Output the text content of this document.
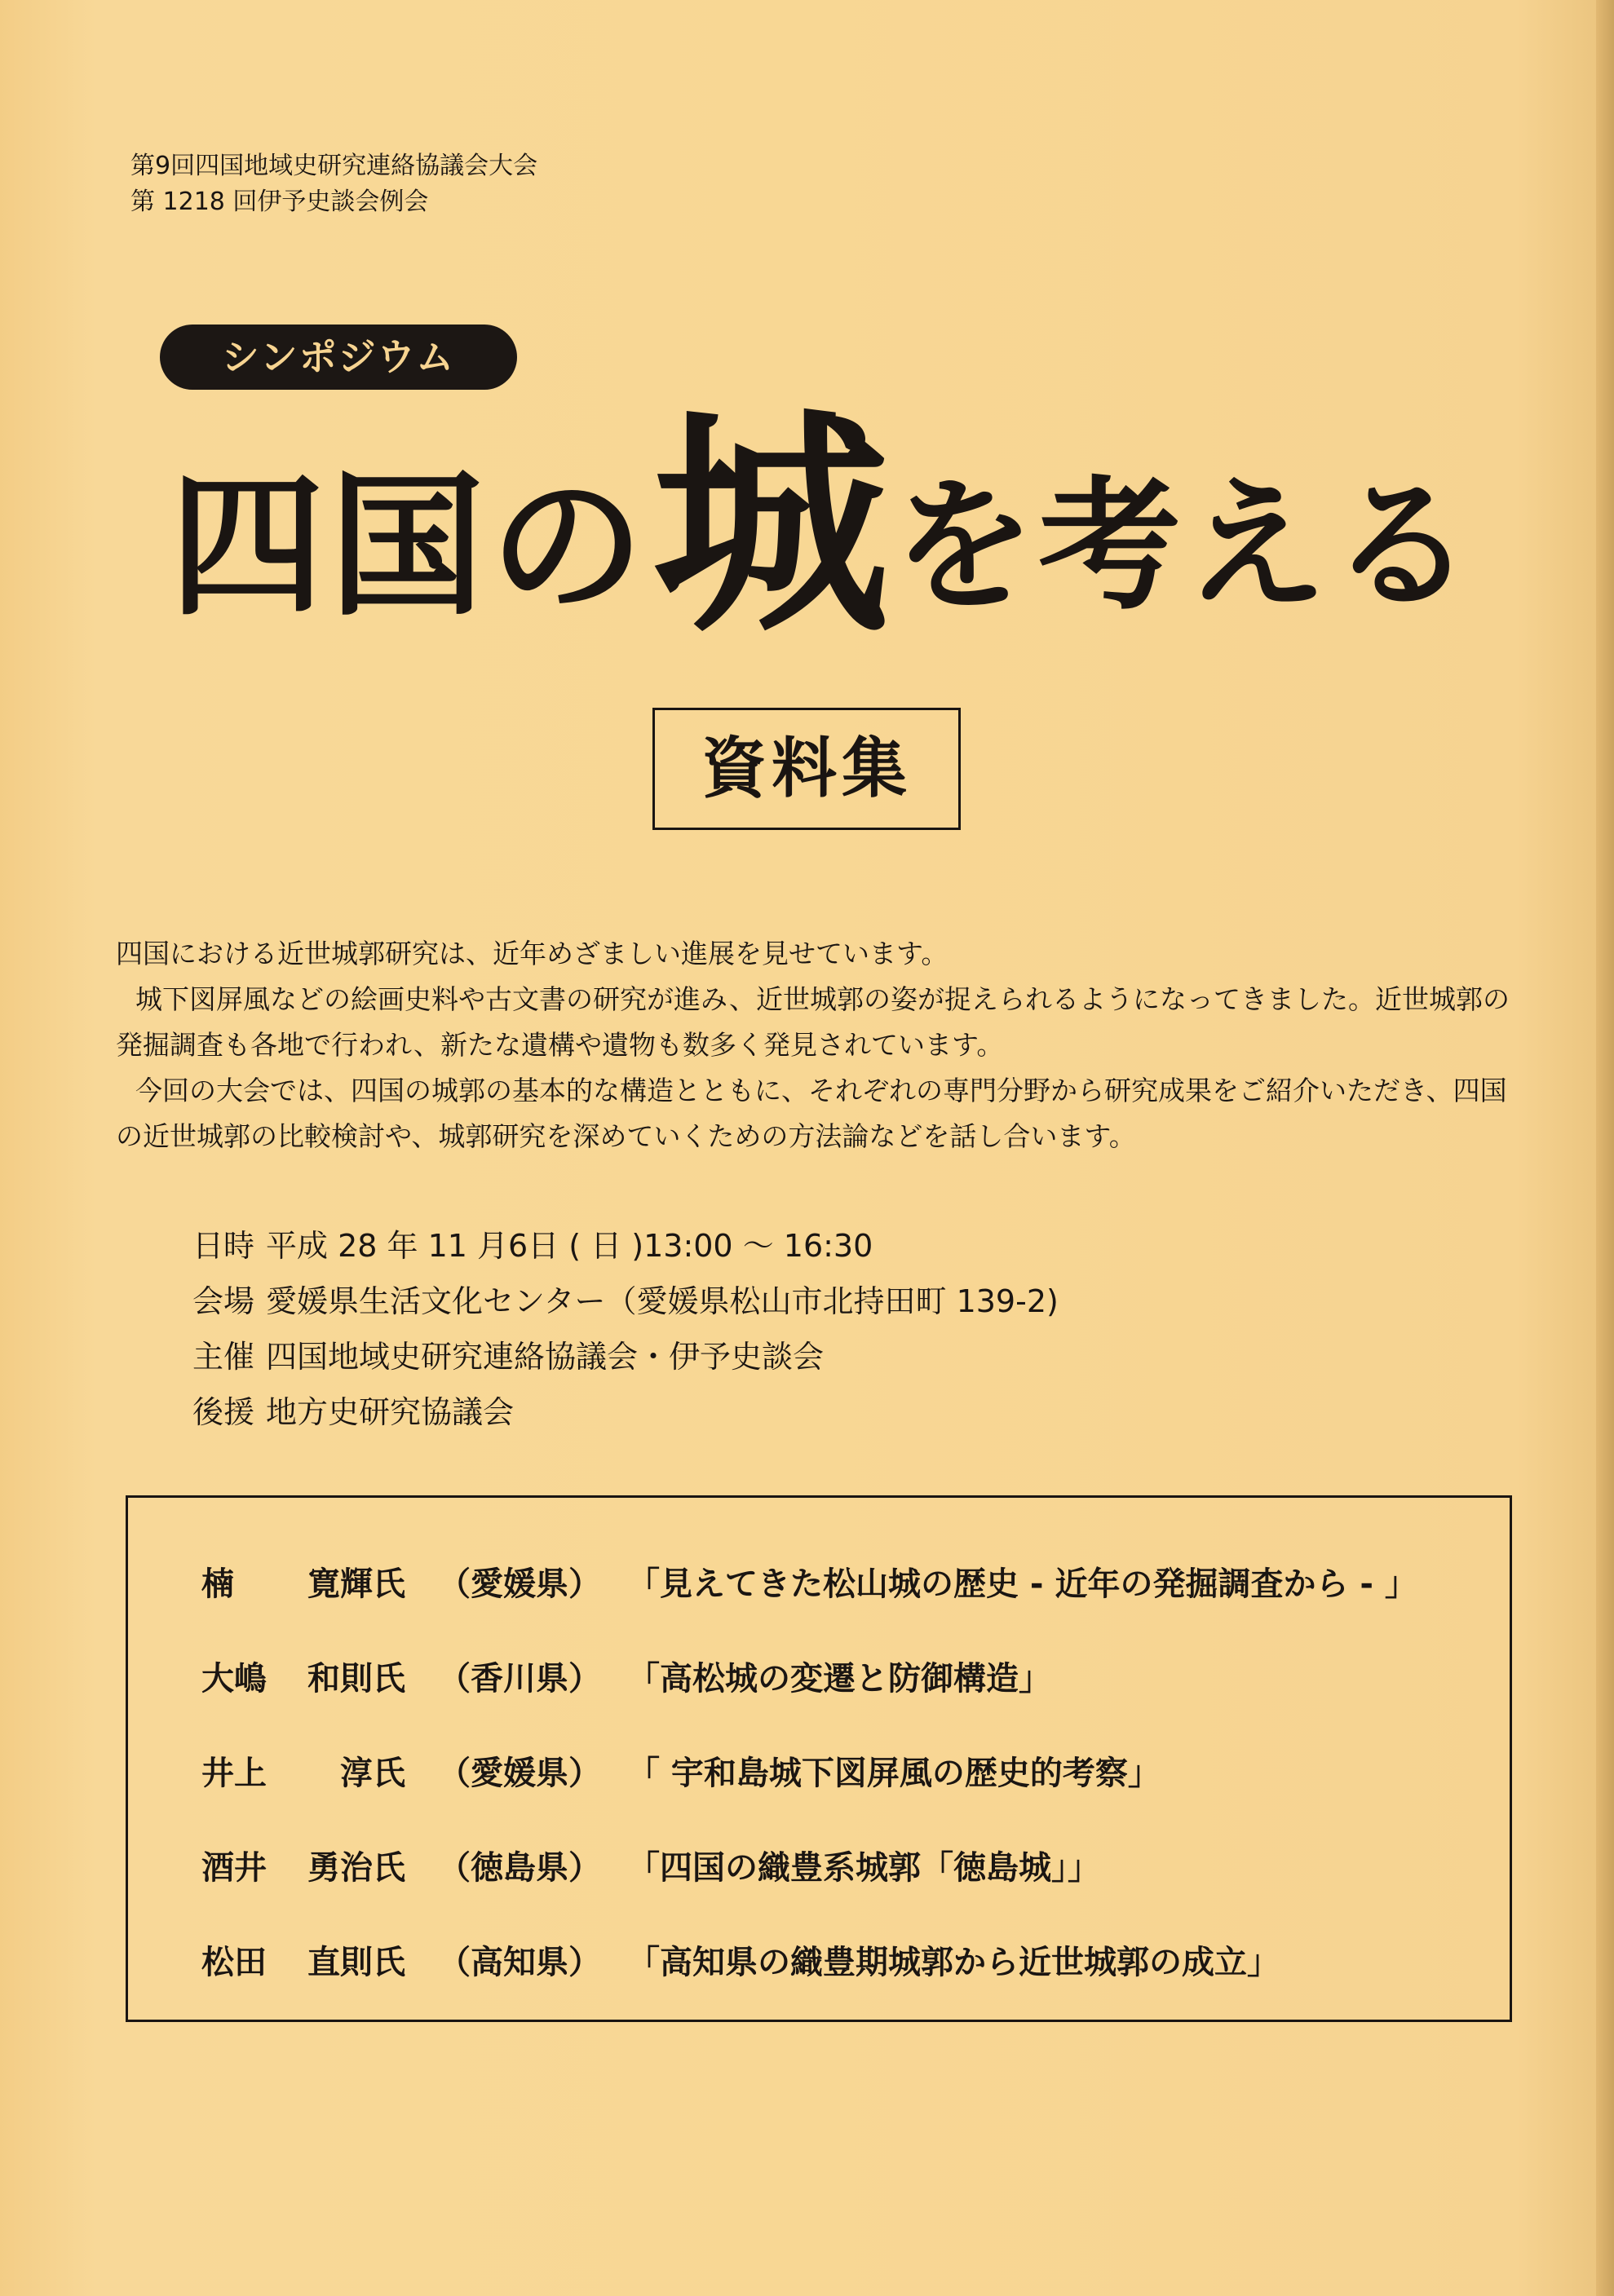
第9回四国地域史研究連絡協議会大会
第 1218 回伊予史談会例会
シンポジウム
四国の 城 を考える
資料集

四国における近世城郭研究は、近年めざましい進展を見せています。

城下図屏風などの絵画史料や古文書の研究が進み、近世城郭の姿が捉えられるようになってきました。近世城郭の発掘調査も各地で行われ、新たな遺構や遺物も数多く発見されています。

今回の大会では、四国の城郭の基本的な構造とともに、それぞれの専門分野から研究成果をご紹介いただき、四国の近世城郭の比較検討や、城郭研究を深めていくための方法論などを話し合います。

日時 平成 28 年 11 月6日 ( 日 )13:00 ～ 16:30
会場 愛媛県生活文化センター（愛媛県松山市北持田町 139-2)
主催 四国地域史研究連絡協議会・伊予史談会
後援 地方史研究協議会
楠	寛輝氏 （愛媛県） 「見えてきた松山城の歴史 - 近年の発掘調査から - 」
大嶋	和則氏 （香川県） 「高松城の変遷と防御構造」
井上	淳氏 （愛媛県） 「 宇和島城下図屏風の歴史的考察」
酒井	勇治氏 （徳島県） 「四国の織豊系城郭「徳島城」」
松田	直則氏 （高知県） 「高知県の織豊期城郭から近世城郭の成立」
